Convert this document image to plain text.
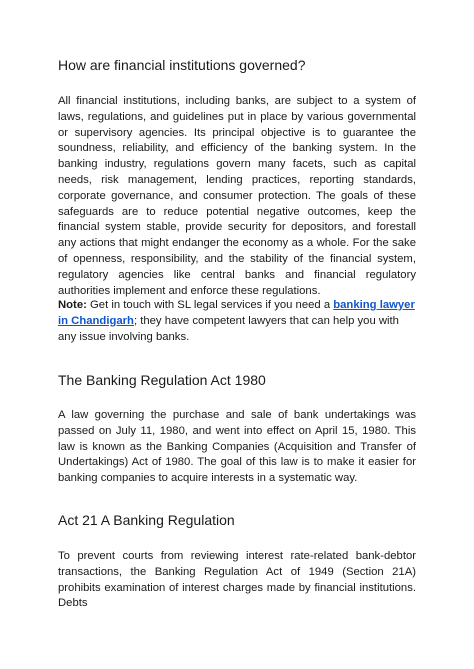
How are financial institutions governed?

All financial institutions, including banks, are subject to a system of laws, regulations, and guidelines put in place by various governmental or supervisory agencies. Its principal objective is to guarantee the soundness, reliability, and efficiency of the banking system. In the banking industry, regulations govern many facets, such as capital needs, risk management, lending practices, reporting standards, corporate governance, and consumer protection. The goals of these safeguards are to reduce potential negative outcomes, keep the financial system stable, provide security for depositors, and forestall any actions that might endanger the economy as a whole. For the sake of openness, responsibility, and the stability of the financial system, regulatory agencies like central banks and financial regulatory authorities implement and enforce these regulations.

Note: Get in touch with SL legal services if you need a banking lawyer in Chandigarh; they have competent lawyers that can help you with any issue involving banks.

The Banking Regulation Act 1980

A law governing the purchase and sale of bank undertakings was passed on July 11, 1980, and went into effect on April 15, 1980. This law is known as the Banking Companies (Acquisition and Transfer of Undertakings) Act of 1980. The goal of this law is to make it easier for banking companies to acquire interests in a systematic way.

Act 21 A Banking Regulation

To prevent courts from reviewing interest rate-related bank-debtor transactions, the Banking Regulation Act of 1949 (Section 21A) prohibits examination of interest charges made by financial institutions. Debts
